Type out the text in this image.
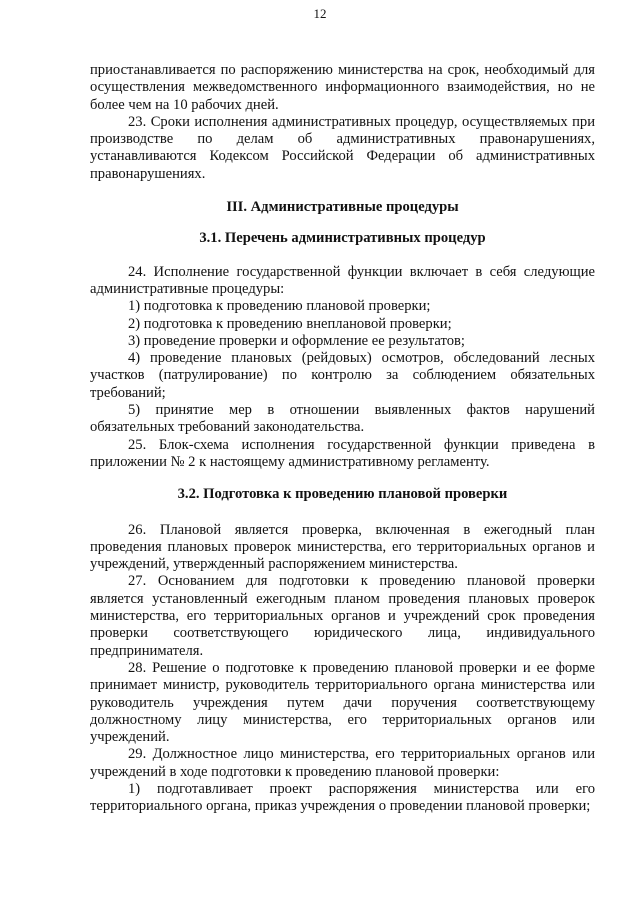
12

приостанавливается по распоряжению министерства на срок, необходимый для осуществления межведомственного информационного взаимодействия, но не более чем на 10 рабочих дней.

23. Сроки исполнения административных процедур, осуществляемых при производстве по делам об административных правонарушениях, устанавливаются Кодексом Российской Федерации об административных правонарушениях.

III. Административные процедуры

3.1. Перечень административных процедур

24. Исполнение государственной функции включает в себя следующие административные процедуры:

1) подготовка к проведению плановой проверки;

2) подготовка к проведению внеплановой проверки;

3) проведение проверки и оформление ее результатов;

4) проведение плановых (рейдовых) осмотров, обследований лесных участков (патрулирование) по контролю за соблюдением обязательных требований;

5) принятие мер в отношении выявленных фактов нарушений обязательных требований законодательства.

25. Блок-схема исполнения государственной функции приведена в приложении № 2 к настоящему административному регламенту.

3.2. Подготовка к проведению плановой проверки

26. Плановой является проверка, включенная в ежегодный план проведения плановых проверок министерства, его территориальных органов и учреждений, утвержденный распоряжением министерства.

27. Основанием для подготовки к проведению плановой проверки является установленный ежегодным планом проведения плановых проверок министерства, его территориальных органов и учреждений срок проведения проверки соответствующего юридического лица, индивидуального предпринимателя.

28. Решение о подготовке к проведению плановой проверки и ее форме принимает министр, руководитель территориального органа министерства или руководитель учреждения путем дачи поручения соответствующему должностному лицу министерства, его территориальных органов или учреждений.

29. Должностное лицо министерства, его территориальных органов или учреждений в ходе подготовки к проведению плановой проверки:

1) подготавливает проект распоряжения министерства или его территориального органа, приказ учреждения о проведении плановой проверки;
